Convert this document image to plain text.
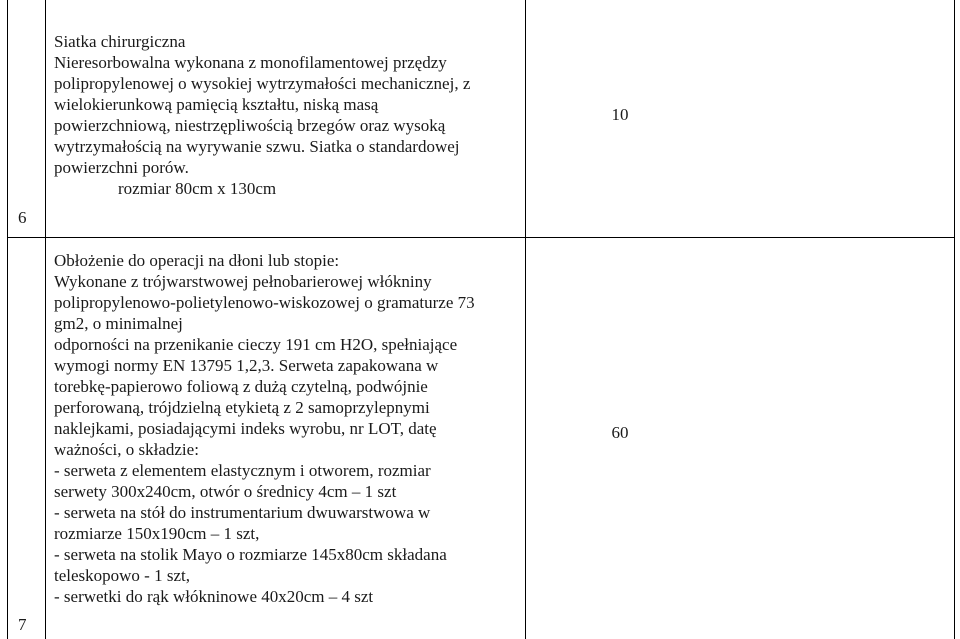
6
Siatka chirurgiczna
Nieresorbowalna wykonana z monofilamentowej przędzy
polipropylenowej o wysokiej wytrzymałości mechanicznej, z
wielokierunkową pamięcią kształtu, niską masą
powierzchniową, niestrzępliwością brzegów oraz wysoką
wytrzymałością na wyrywanie szwu. Siatka o standardowej
powierzchni porów.
rozmiar 80cm x 130cm
10
7
Obłożenie do operacji na dłoni lub stopie:
Wykonane z trójwarstwowej pełnobarierowej włókniny
polipropylenowo-polietylenowo-wiskozowej o gramaturze 73
gm2, o minimalnej
odporności na przenikanie cieczy 191 cm H2O, spełniające
wymogi normy EN 13795 1,2,3. Serweta zapakowana w
torebkę-papierowo foliową z dużą czytelną, podwójnie
perforowaną, trójdzielną etykietą z 2 samoprzylepnymi
naklejkami, posiadającymi indeks wyrobu, nr LOT, datę
ważności, o składzie:
- serweta z elementem elastycznym i otworem, rozmiar
serwety 300x240cm, otwór o średnicy 4cm – 1 szt
- serweta na stół do instrumentarium dwuwarstwowa w
rozmiarze 150x190cm – 1 szt,
- serweta na stolik Mayo o rozmiarze 145x80cm składana
teleskopowo - 1 szt,
- serwetki do rąk włókninowe 40x20cm – 4 szt
60
